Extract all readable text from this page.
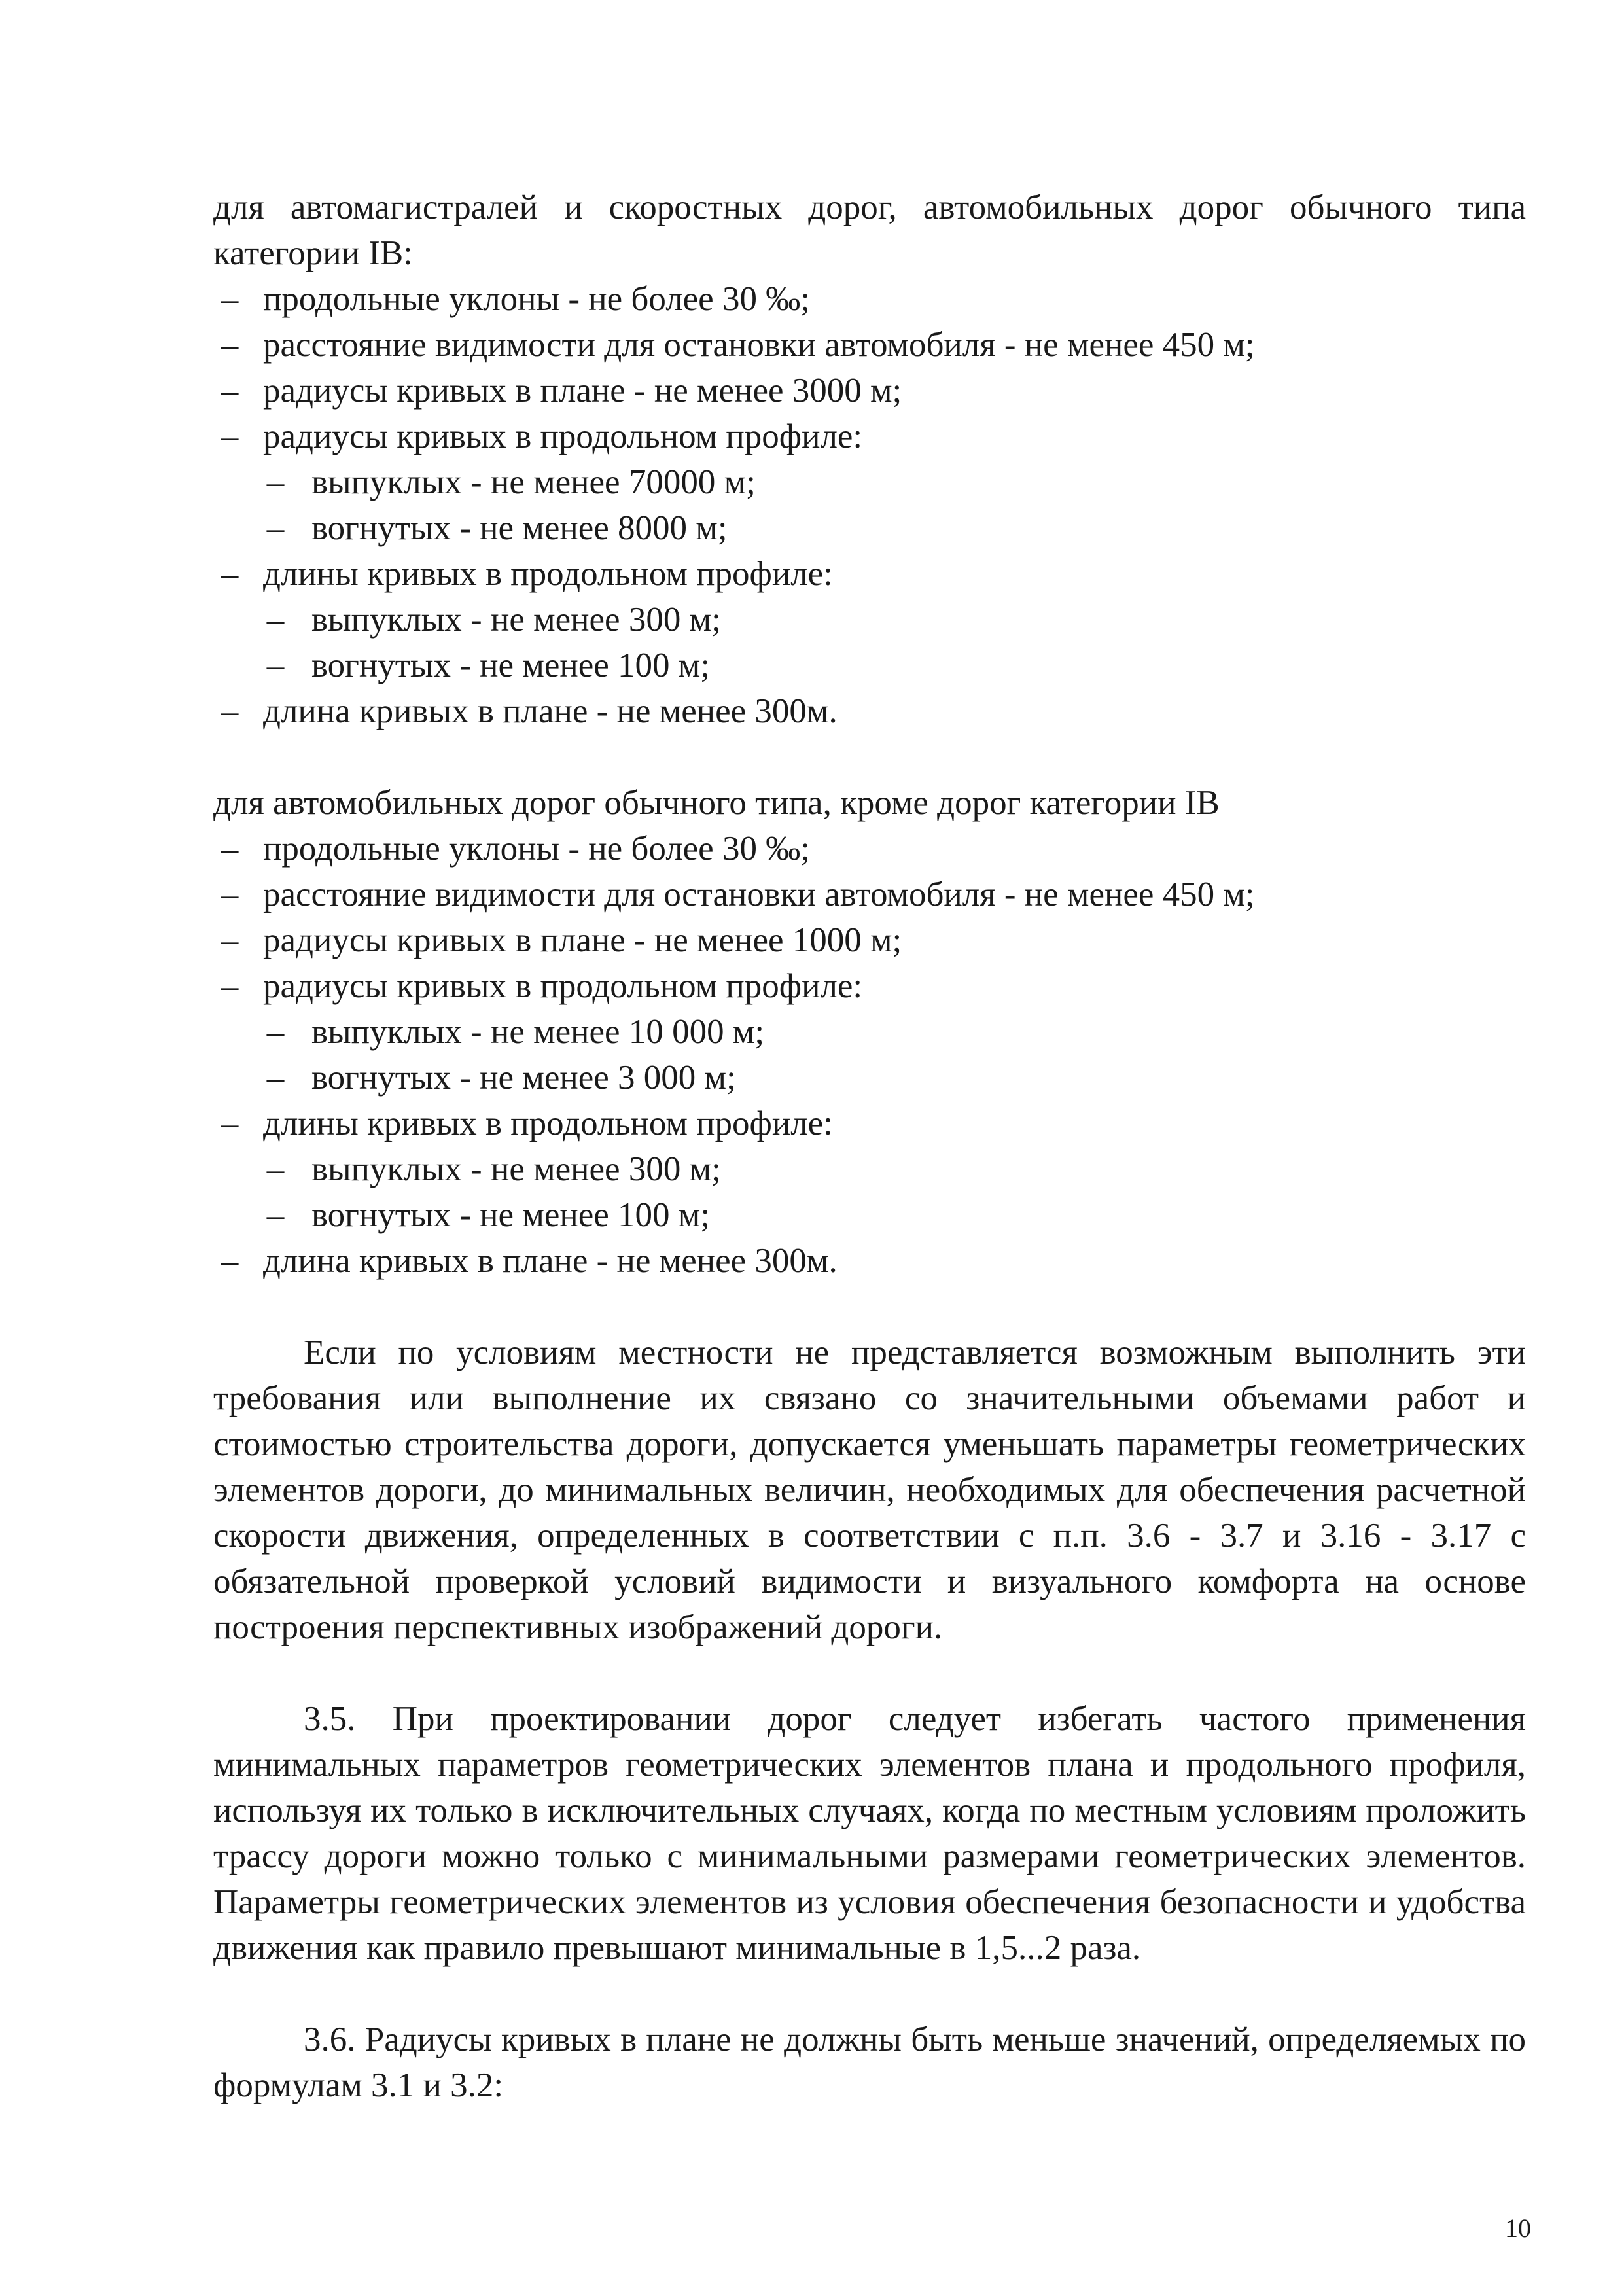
для автомагистралей и скоростных дорог, автомобильных дорог обычного типа категории IB:

– продольные уклоны - не более 30 ‰;
– расстояние видимости для остановки автомобиля - не менее 450 м;
– радиусы кривых в плане - не менее 3000 м;
– радиусы кривых в продольном профиле:
– выпуклых - не менее 70000 м;
– вогнутых - не менее 8000 м;
– длины кривых в продольном профиле:
– выпуклых - не менее 300 м;
– вогнутых - не менее 100 м;
– длина кривых в плане - не менее 300м.

для автомобильных дорог обычного типа, кроме дорог категории IB

– продольные уклоны - не более 30 ‰;
– расстояние видимости для остановки автомобиля - не менее 450 м;
– радиусы кривых в плане - не менее 1000 м;
– радиусы кривых в продольном профиле:
– выпуклых - не менее 10 000 м;
– вогнутых - не менее 3 000 м;
– длины кривых в продольном профиле:
– выпуклых - не менее 300 м;
– вогнутых - не менее 100 м;
– длина кривых в плане - не менее 300м.

Если по условиям местности не представляется возможным выполнить эти требования или выполнение их связано со значительными объемами работ и стоимостью строительства дороги, допускается уменьшать параметры геометрических элементов дороги, до минимальных величин, необходимых для обеспечения расчетной скорости движения, определенных в соответствии с п.п. 3.6 - 3.7 и 3.16 - 3.17 с обязательной проверкой условий видимости и визуального комфорта на основе построения перспективных изображений дороги.

3.5. При проектировании дорог следует избегать частого применения минимальных параметров геометрических элементов плана и продольного профиля, используя их только в исключительных случаях, когда по местным условиям проложить трассу дороги можно только с минимальными размерами геометрических элементов. Параметры геометрических элементов из условия обеспечения безопасности и удобства движения как правило превышают минимальные в 1,5...2 раза.

3.6. Радиусы кривых в плане не должны быть меньше значений, определяемых по формулам 3.1 и 3.2:

10
